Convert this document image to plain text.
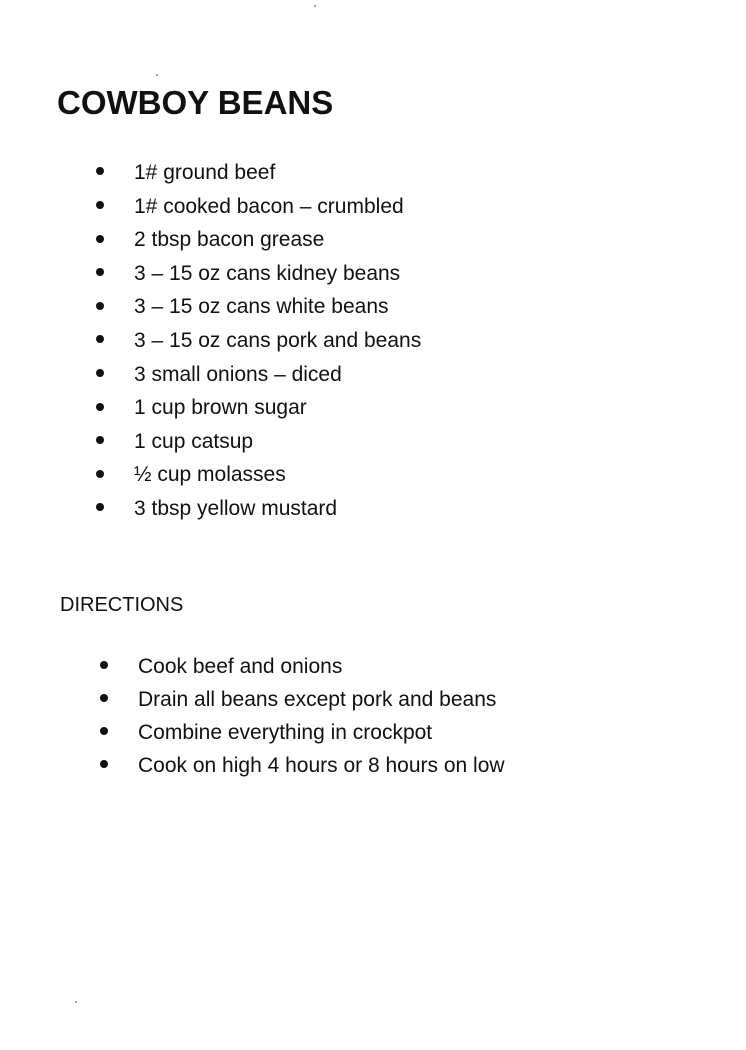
COWBOY BEANS
1# ground beef
1# cooked bacon – crumbled
2 tbsp bacon grease
3 – 15 oz cans kidney beans
3 – 15 oz cans white beans
3 – 15 oz cans pork and beans
3 small onions – diced
1 cup brown sugar
1 cup catsup
½ cup molasses
3 tbsp yellow mustard
DIRECTIONS
Cook beef and onions
Drain all beans except pork and beans
Combine everything in crockpot
Cook on high 4 hours or 8 hours on low
